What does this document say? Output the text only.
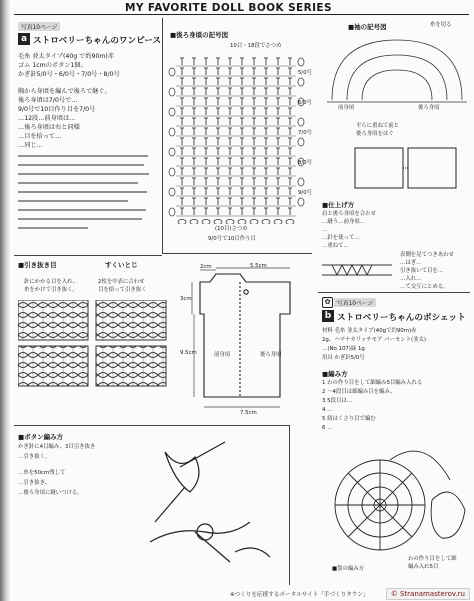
MY FAVORITE DOLL BOOK SERIES
写真10ページ
a ストロベリーちゃんのワンピース
毛糸 並太タイプ(40g で約90m)赤
ゴム 1cmのボタン1個。
かぎ針5/0号・6/0号・7/0号・8/0号
胸から身頃を編んで後ろで継ぐ。
後ろ身頃は7/0号で…
9/0号で10目作り目を7/0号
…12段…前身頃は…
…後ろ身頃は右と同様
…目を拾って…
…同じ…
■引き抜き目
針にかかる目を入れ、
糸をかけて引き抜く。
すくいとじ
2枚を中表に合わせ
目を拾って引き抜く
■ボタン編み方
かぎ針に4目編み、3目引き抜き
…引き抜く。
…糸を50cm残して
…引き抜き、
…後ろ身頃に縫いつける。
■後ろ身頃の記号図
10目・18段でさつめ
5/0号
6/0号
7/0号
8/0号
9/0号
(10目)さつめ
9/0号で10目作り目
2cm	5.5cm
3cm
9.5cm
7.5cm
前身頃	後ろ身頃
■袖の記号図	糸を切る
前身頃	後ろ身頃
平らに重ねて前と
後ろ身頃をはぐ
■仕上げ方
肩と後ろ身頃を合わせ
…縫う…前身頃…
…
…針を使って…
…重ねて…
表側を見てつきあわせ
…はぎ…
引き抜いて目を…
…入れ…
…て交互にとめる。
✿	写真10ページ
b ストロベリーちゃんのポシェット
材料 毛糸 並太タイプ(40gで約90m)赤
2g、ハマナカリッチモア パーセント(並太)
…(No.107)緑 1g
用具 かぎ針5/0号
■編み方
1 わの作り目をして細編み5目編み入れる
2 ～4段目は細編み目を編み、
3 5段目は…
4 …
5 紐はくさり目で編む
6 …
■袋の編み方
わの作り目をして細
編み入れ5目
※つくりを応援するポータルサイト「手づくりタウン」	© Stranamasterov.ru
